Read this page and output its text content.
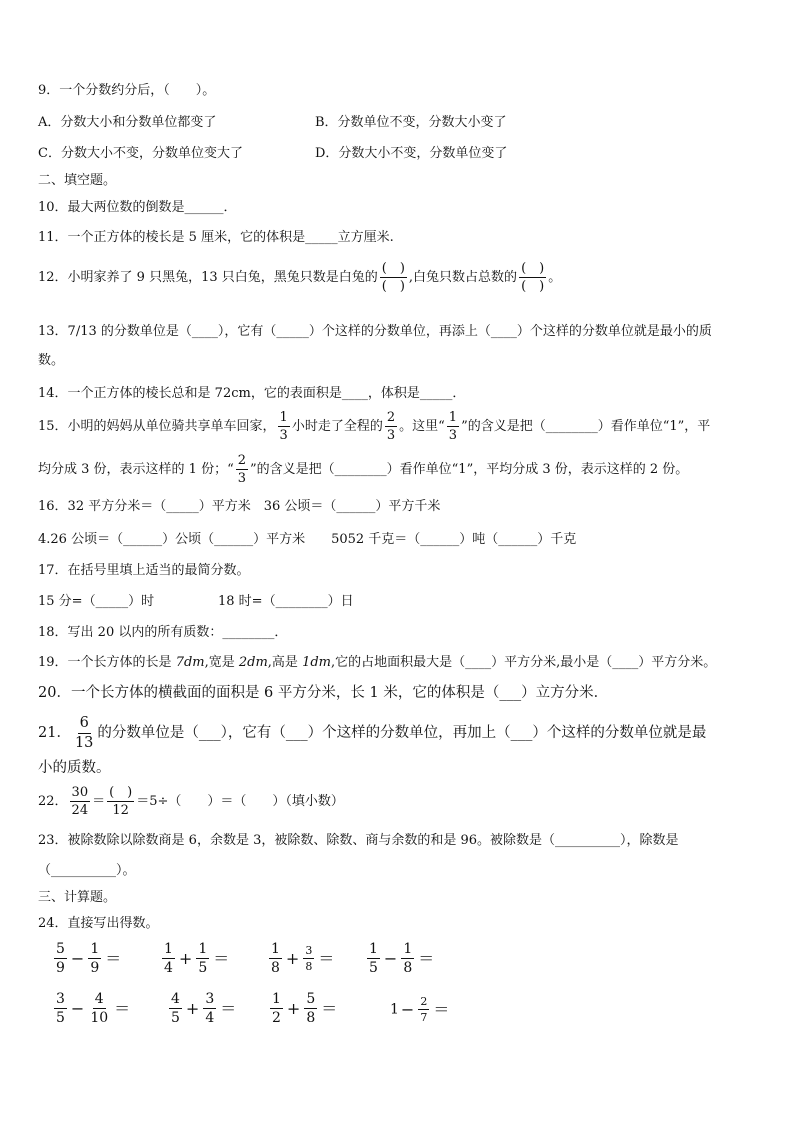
9．一个分数约分后，（　　）。
A．分数大小和分数单位都变了	B．分数单位不变，分数大小变了
C．分数大小不变，分数单位变大了	D．分数大小不变，分数单位变了
二、填空题。
10．最大两位数的倒数是______．
11．一个正方体的棱长是 5 厘米，它的体积是_____立方厘米.
12．小明家养了 9 只黑兔，13 只白兔，黑兔只数是白兔的 $\frac{( )}{( )}$ ,白兔只数占总数的 $\frac{( )}{( )}$ 。
13．7/13 的分数单位是（____），它有（_____）个这样的分数单位，再添上（____）个这样的分数单位就是最小的质
数。
14．一个正方体的棱长总和是 72cm，它的表面积是____，体积是_____．
15．小明的妈妈从单位骑共享单车回家， $\frac{1}{3}$ 小时走了全程的 $\frac{2}{3}$ 。这里“ $\frac{1}{3}$ ”的含义是把（________）看作单位“1”，平
均分成 3 份，表示这样的 1 份；“ $\frac{2}{3}$ ”的含义是把（________）看作单位“1”，平均分成 3 份，表示这样的 2 份。
16．32 平方分米＝（_____）平方米　36 公顷＝（______）平方千米
4.26 公顷＝（______）公顷（______）平方米　　5052 千克＝（______）吨（______）千克
17．在括号里填上适当的最简分数。
15 分=（_____）时	18 时=（________）日
18．写出 20 以内的所有质数：________．
19．一个长方体的长是 7dm,宽是 2dm,高是 1dm,它的占地面积最大是（____）平方分米,最小是（____）平方分米。
20．一个长方体的横截面的面积是 6 平方分米，长 1 米，它的体积是（___）立方分米．
21． $\frac{6}{13}$ 的分数单位是（___），它有（___）个这样的分数单位，再加上（___）个这样的分数单位就是最
小的质数。
22． $\frac{30}{24} = \frac{( )}{12} =5\div$（　　）＝（　　）（填小数）
23．被除数除以除数商是 6，余数是 3，被除数、除数、商与余数的和是 96。被除数是（__________），除数是
（__________）。
三、计算题。
24．直接写出得数。
$\frac{5}{9} - \frac{1}{9}$ ＝	$\frac{1}{4} + \frac{1}{5}$ ＝	$\frac{1}{8} + \frac{3}{8} = \frac{1}{5} - \frac{1}{8}$ ＝
$\frac{3}{5} - \frac{4}{10}$ ＝	$\frac{4}{5} + \frac{3}{4} = \frac{1}{2} + \frac{5}{8}$ ＝	$1 - \frac{2}{7}$ ＝
